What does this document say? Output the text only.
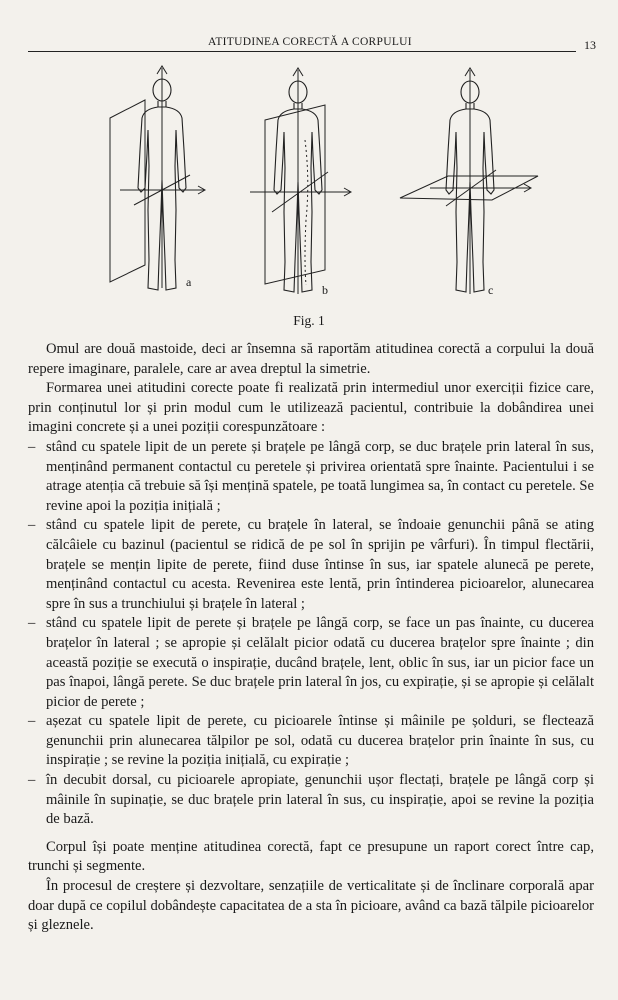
ATITUDINEA CORECTĂ A CORPULUI	13
a
b	c
Fig. 1

Omul are două mastoide, deci ar însemna să raportăm atitudinea corectă a corpului la două repere imaginare, paralele, care ar avea dreptul la simetrie.

Formarea unei atitudini corecte poate fi realizată prin intermediul unor exerciții fizice care, prin conținutul lor și prin modul cum le utilizează pacientul, contribuie la dobândirea unei imagini concrete și a unei poziții corespunzătoare :

– stând cu spatele lipit de un perete și brațele pe lângă corp, se duc brațele prin lateral în sus, menținând permanent contactul cu peretele și privirea orientată spre înainte. Pacientului i se atrage atenția că trebuie să își mențină spatele, pe toată lungimea sa, în contact cu peretele. Se revine apoi la poziția inițială ;
– stând cu spatele lipit de perete, cu brațele în lateral, se îndoaie genunchii până se ating călcâiele cu bazinul (pacientul se ridică de pe sol în sprijin pe vârfuri). În timpul flectării, brațele se mențin lipite de perete, fiind duse întinse în sus, iar spatele alunecă pe perete, menținând contactul cu acesta. Revenirea este lentă, prin întinderea picioarelor, alunecarea spre în sus a trunchiului și brațele în lateral ;
– stând cu spatele lipit de perete și brațele pe lângă corp, se face un pas înainte, cu ducerea brațelor în lateral ; se apropie și celălalt picior odată cu ducerea brațelor spre înainte ; din această poziție se execută o inspirație, ducând brațele, lent, oblic în sus, iar un picior face un pas înapoi, lângă perete. Se duc brațele prin lateral în jos, cu expirație, și se apropie și celălalt picior de perete ;
– așezat cu spatele lipit de perete, cu picioarele întinse și mâinile pe șolduri, se flectează genunchii prin alunecarea tălpilor pe sol, odată cu ducerea brațelor prin înainte în sus, cu inspirație ; se revine la poziția inițială, cu expirație ;
– în decubit dorsal, cu picioarele apropiate, genunchii ușor flectați, brațele pe lângă corp și mâinile în supinație, se duc brațele prin lateral în sus, cu inspirație, apoi se revine la poziția de bază.

Corpul își poate menține atitudinea corectă, fapt ce presupune un raport corect între cap, trunchi și segmente.

În procesul de creștere și dezvoltare, senzațiile de verticalitate și de înclinare corporală apar doar după ce copilul dobândește capacitatea de a sta în picioare, având ca bază tălpile picioarelor și gleznele.
